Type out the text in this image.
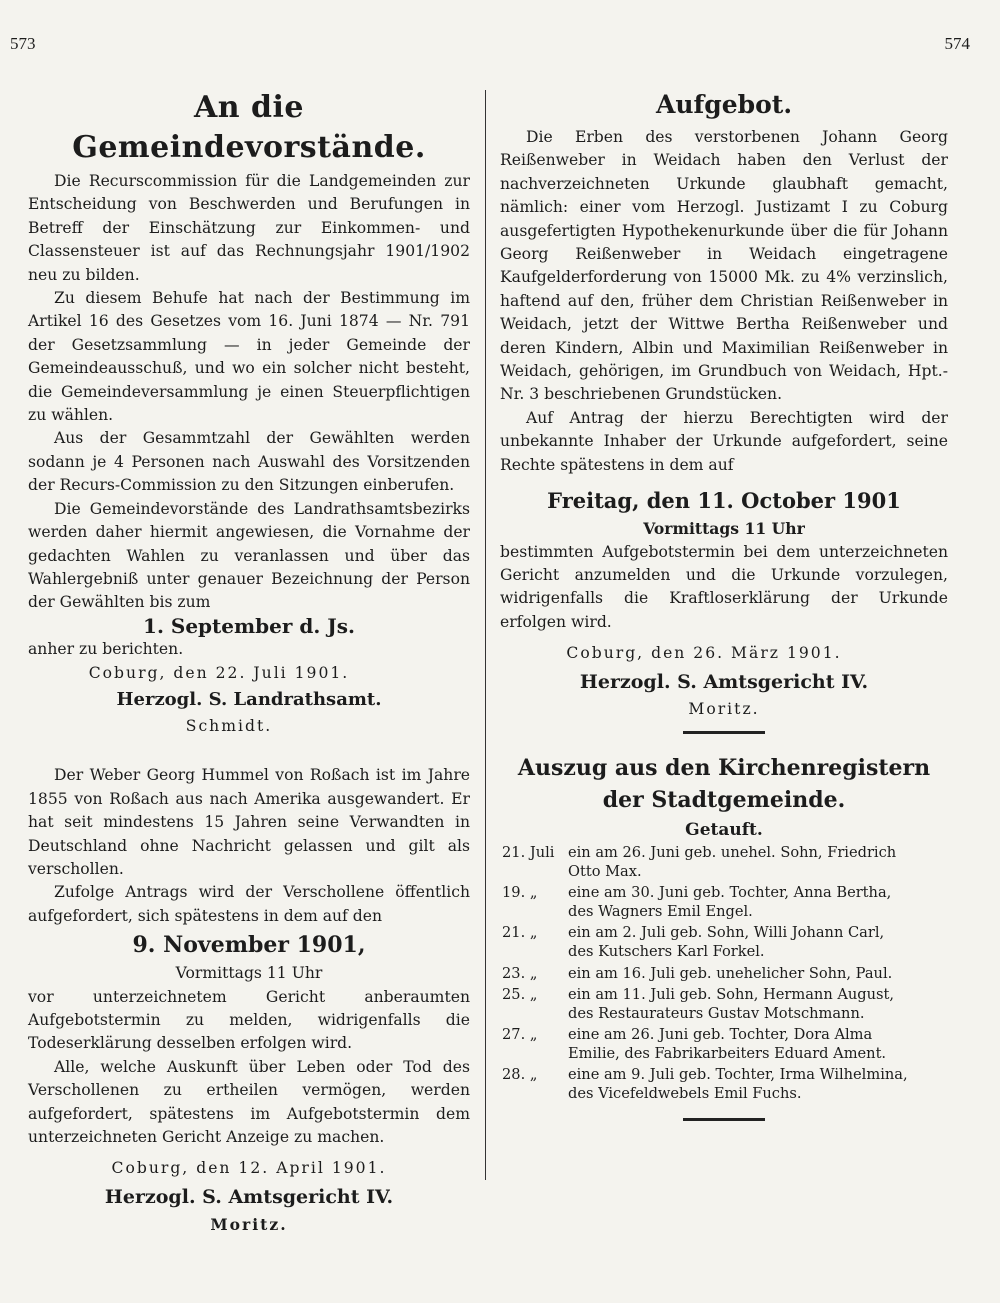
573	574
An die Gemeindevorstände.

Die Recurscommission für die Landgemeinden zur Entscheidung von Beschwerden und Berufungen in Betreff der Einschätzung zur Einkommen- und Classensteuer ist auf das Rechnungsjahr 1901/1902 neu zu bilden.

Zu diesem Behufe hat nach der Bestimmung im Artikel 16 des Gesetzes vom 16. Juni 1874 — Nr. 791 der Gesetzsammlung — in jeder Gemeinde der Gemeindeausschuß, und wo ein solcher nicht besteht, die Gemeindeversammlung je einen Steuerpflichtigen zu wählen.

Aus der Gesammtzahl der Gewählten werden sodann je 4 Personen nach Auswahl des Vorsitzenden der Recurs-Commission zu den Sitzungen einberufen.

Die Gemeindevorstände des Landrathsamtsbezirks werden daher hiermit angewiesen, die Vornahme der gedachten Wahlen zu veranlassen und über das Wahlergebniß unter genauer Bezeichnung der Person der Gewählten bis zum

1. September d. Js.

anher zu berichten.

Coburg, den 22. Juli 1901.

Herzogl. S. Landrathsamt.

Schmidt.

Der Weber Georg Hummel von Roßach ist im Jahre 1855 von Roßach aus nach Amerika ausgewandert. Er hat seit mindestens 15 Jahren seine Verwandten in Deutschland ohne Nachricht gelassen und gilt als verschollen.

Zufolge Antrags wird der Verschollene öffentlich aufgefordert, sich spätestens in dem auf den

9. November 1901,

Vormittags 11 Uhr

vor unterzeichnetem Gericht anberaumten Aufgebotstermin zu melden, widrigenfalls die Todeserklärung desselben erfolgen wird.

Alle, welche Auskunft über Leben oder Tod des Verschollenen zu ertheilen vermögen, werden aufgefordert, spätestens im Aufgebotstermin dem unterzeichneten Gericht Anzeige zu machen.

Coburg, den 12. April 1901.

Herzogl. S. Amtsgericht IV.

Moritz.

Aufgebot.

Die Erben des verstorbenen Johann Georg Reißenweber in Weidach haben den Verlust der nachverzeichneten Urkunde glaubhaft gemacht, nämlich: einer vom Herzogl. Justizamt I zu Coburg ausgefertigten Hypothekenurkunde über die für Johann Georg Reißenweber in Weidach eingetragene Kaufgelderforderung von 15000 Mk. zu 4% verzinslich, haftend auf den, früher dem Christian Reißenweber in Weidach, jetzt der Wittwe Bertha Reißenweber und deren Kindern, Albin und Maximilian Reißenweber in Weidach, gehörigen, im Grundbuch von Weidach, Hpt.-Nr. 3 beschriebenen Grundstücken.

Auf Antrag der hierzu Berechtigten wird der unbekannte Inhaber der Urkunde aufgefordert, seine Rechte spätestens in dem auf

Freitag, den 11. October 1901

Vormittags 11 Uhr

bestimmten Aufgebotstermin bei dem unterzeichneten Gericht anzumelden und die Urkunde vorzulegen, widrigenfalls die Kraftloserklärung der Urkunde erfolgen wird.

Coburg, den 26. März 1901.

Herzogl. S. Amtsgericht IV.

Moritz.

Auszug aus den Kirchenregistern
der Stadtgemeinde.

Getauft.

21. Juli ein am 26. Juni geb. unehel. Sohn, Friedrich
Otto Max.
19. „	eine am 30. Juni geb. Tochter, Anna Bertha,
des Wagners Emil Engel.
21. „	ein am 2. Juli geb. Sohn, Willi Johann Carl,
des Kutschers Karl Forkel.
23. „	ein am 16. Juli geb. unehelicher Sohn, Paul.
25. „	ein am 11. Juli geb. Sohn, Hermann August,
des Restaurateurs Gustav Motschmann.
27. „	eine am 26. Juni geb. Tochter, Dora Alma
Emilie, des Fabrikarbeiters Eduard Ament.
28. „	eine am 9. Juli geb. Tochter, Irma Wilhelmina,
des Vicefeldwebels Emil Fuchs.
